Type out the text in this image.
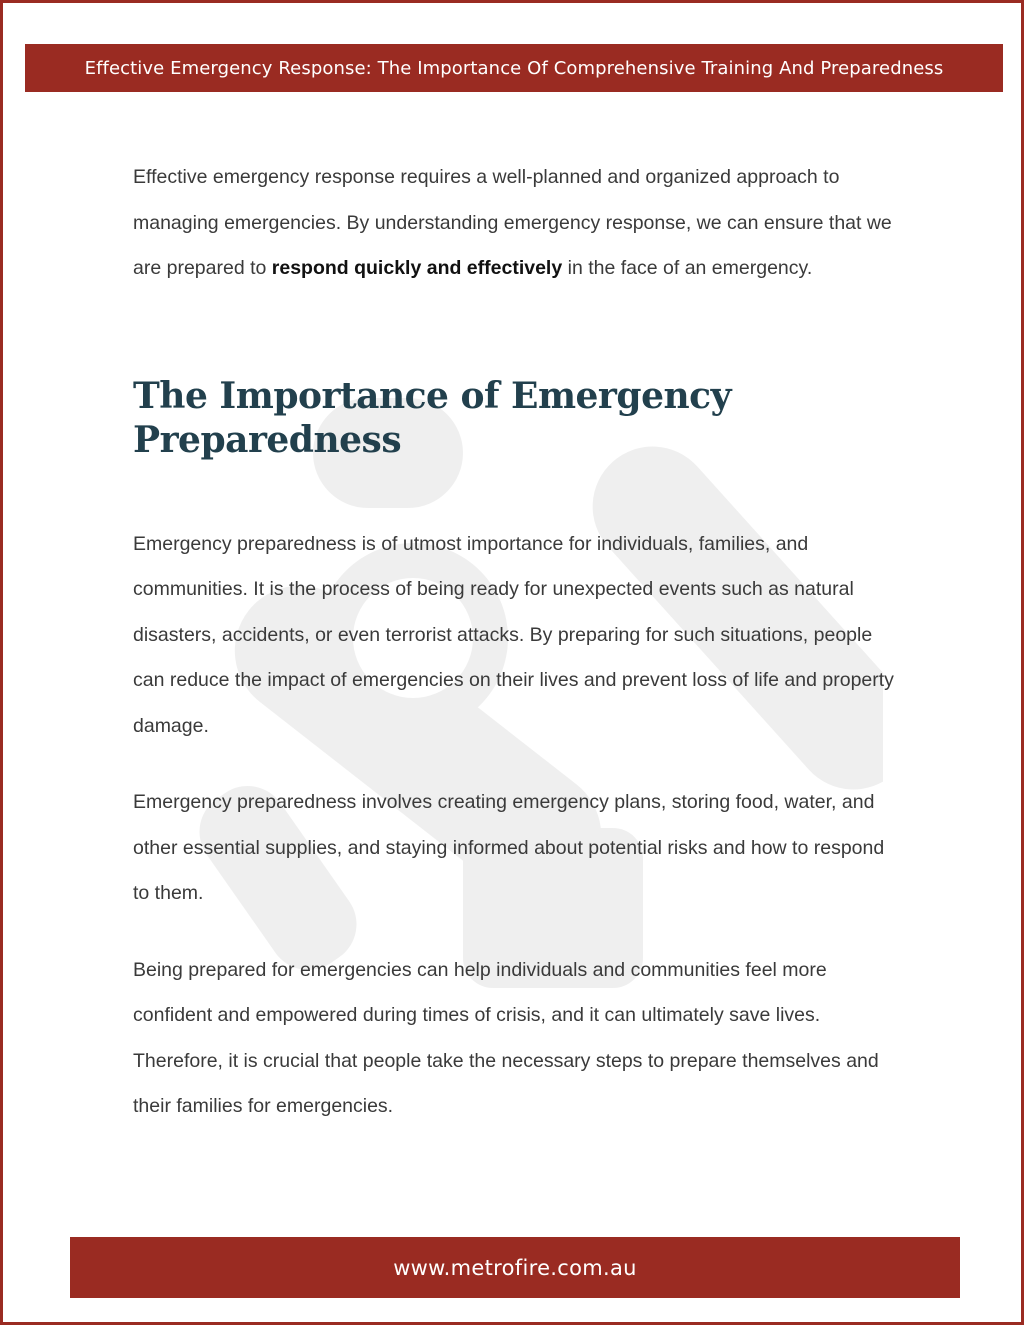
Effective Emergency Response: The Importance Of Comprehensive Training And Preparedness

Effective emergency response requires a well-planned and organized approach to managing emergencies. By understanding emergency response, we can ensure that we are prepared to respond quickly and effectively in the face of an emergency.

The Importance of Emergency Preparedness

Emergency preparedness is of utmost importance for individuals, families, and communities. It is the process of being ready for unexpected events such as natural disasters, accidents, or even terrorist attacks. By preparing for such situations, people can reduce the impact of emergencies on their lives and prevent loss of life and property damage.

Emergency preparedness involves creating emergency plans, storing food, water, and other essential supplies, and staying informed about potential risks and how to respond to them.

Being prepared for emergencies can help individuals and communities feel more confident and empowered during times of crisis, and it can ultimately save lives. Therefore, it is crucial that people take the necessary steps to prepare themselves and their families for emergencies.

www.metrofire.com.au
